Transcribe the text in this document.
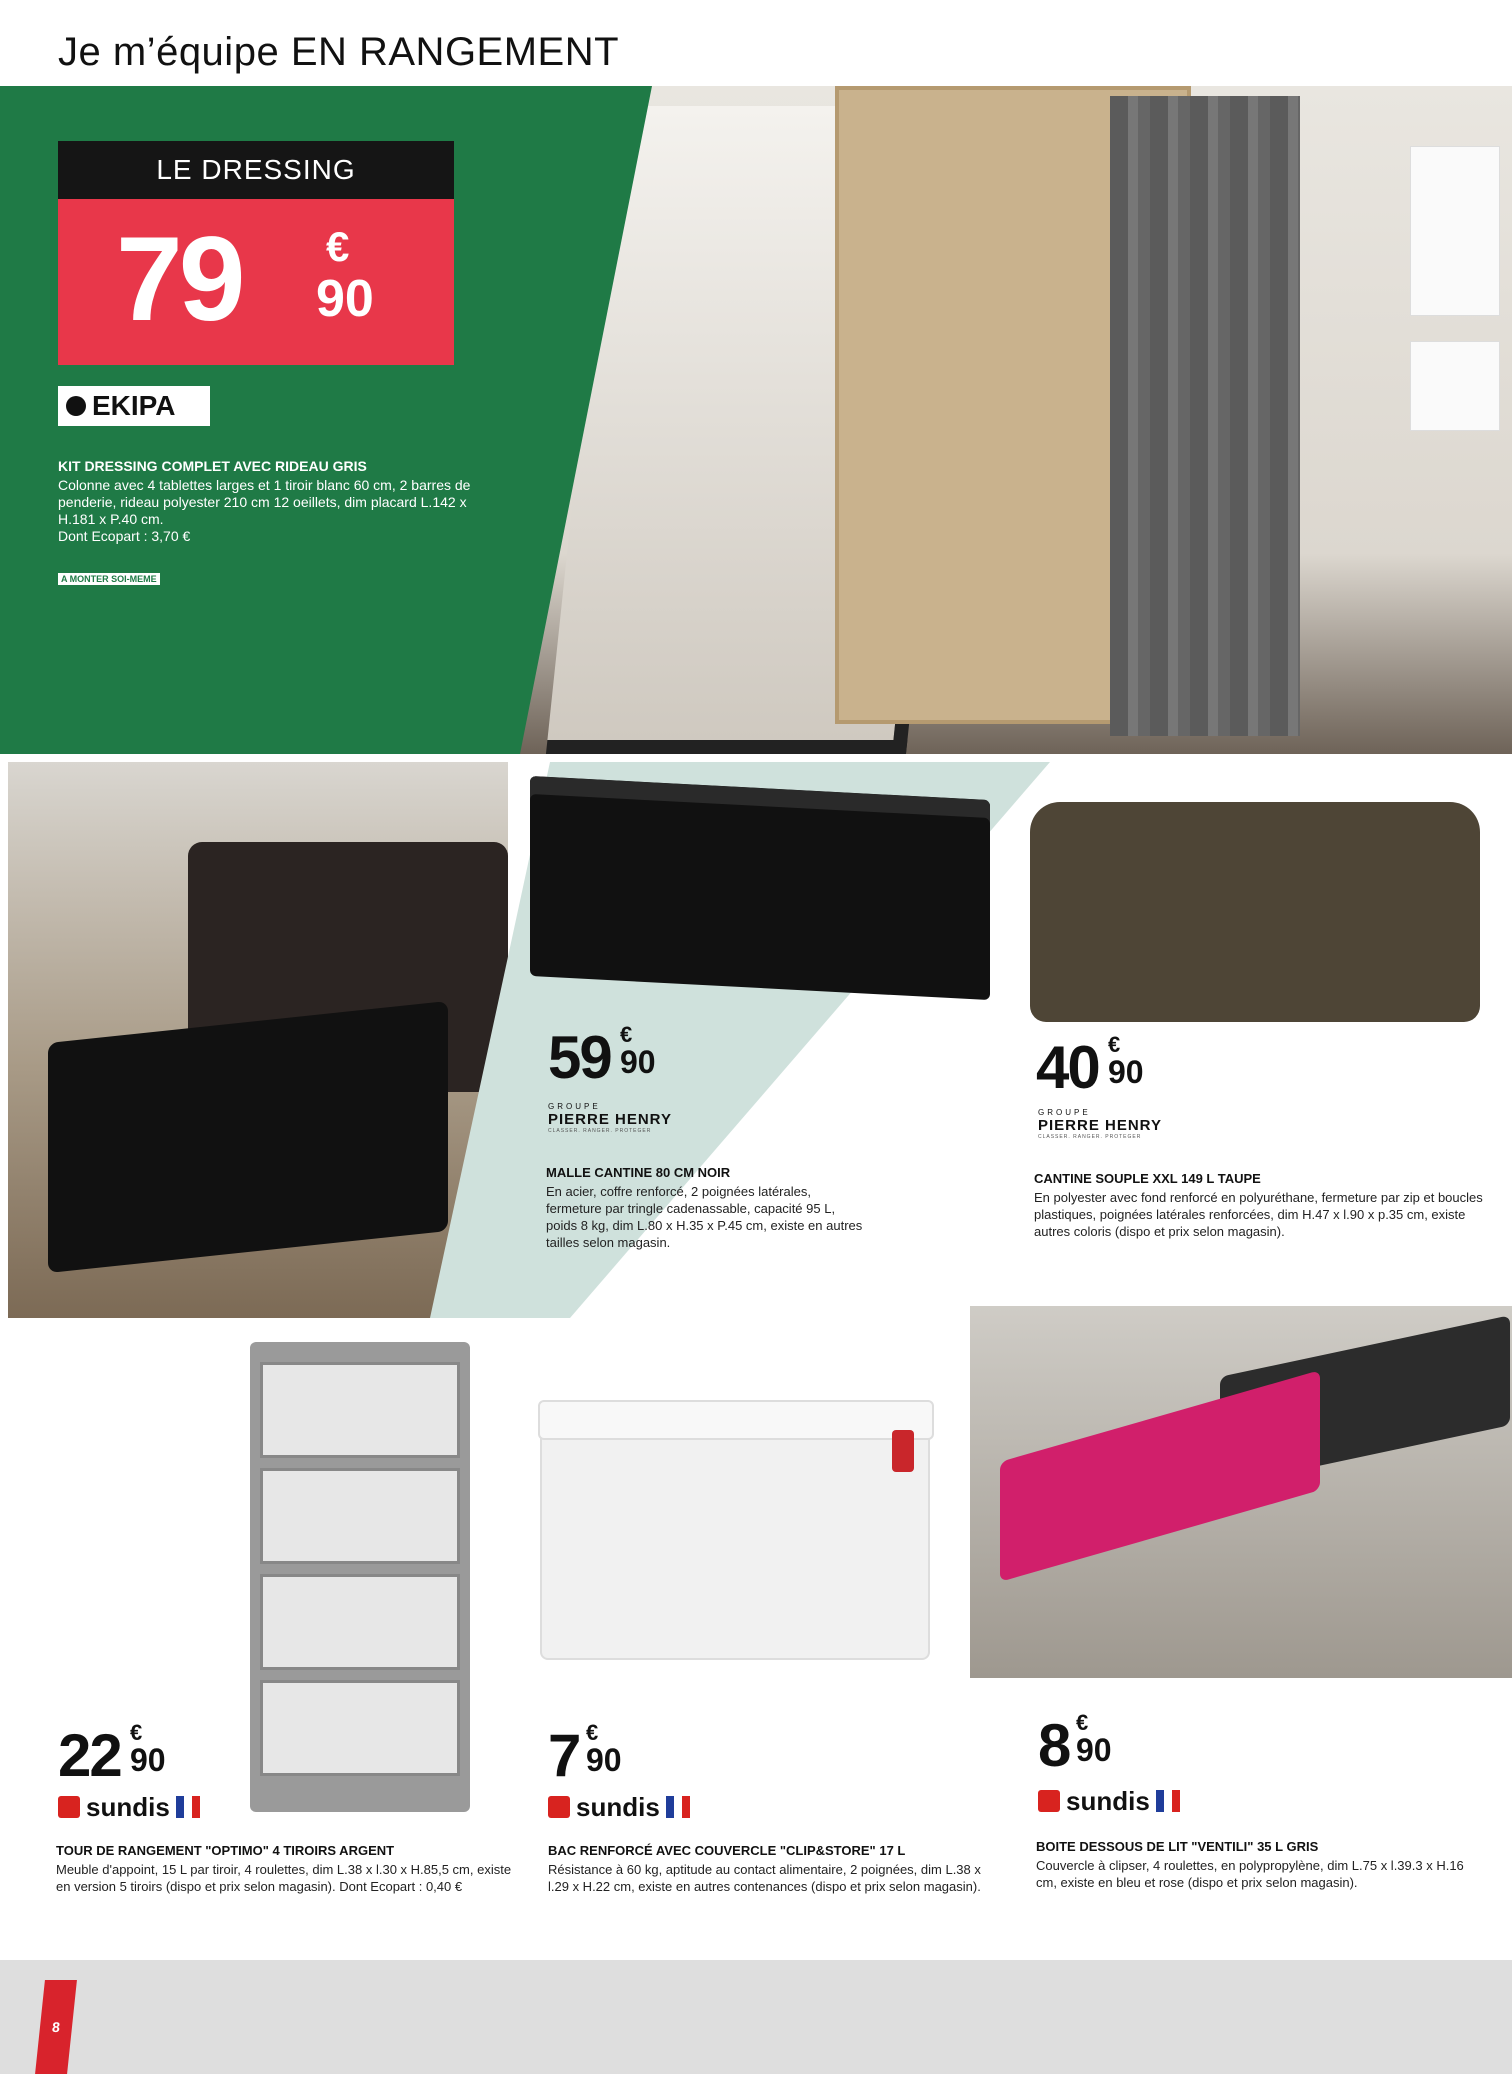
Je m’équipe EN RANGEMENT
LE DRESSING
79 €
90
EKIPA
KIT DRESSING COMPLET AVEC RIDEAU GRIS
Colonne avec 4 tablettes larges et 1 tiroir blanc 60 cm, 2 barres de penderie, rideau polyester 210 cm 12 oeillets, dim placard L.142 x H.181 x P.40 cm.
Dont Ecopart : 3,70 €
A MONTER SOI-MEME
59 €
90
GROUPE
PIERRE HENRY
CLASSER. RANGER. PROTEGER
MALLE CANTINE 80 CM NOIR
En acier, coffre renforcé, 2 poignées latérales, fermeture par tringle cadenassable, capacité 95 L, poids 8 kg, dim L.80 x H.35 x P.45 cm, existe en autres tailles selon magasin.
40 €
90
GROUPE
PIERRE HENRY
CLASSER. RANGER. PROTEGER
CANTINE SOUPLE XXL 149 L TAUPE
En polyester avec fond renforcé en polyuréthane, fermeture par zip et boucles plastiques, poignées latérales renforcées, dim H.47 x l.90 x p.35 cm, existe autres coloris (dispo et prix selon magasin).
22 €
90
sundis
TOUR DE RANGEMENT "OPTIMO" 4 TIROIRS ARGENT
Meuble d'appoint, 15 L par tiroir, 4 roulettes, dim L.38 x l.30 x H.85,5 cm, existe en version 5 tiroirs (dispo et prix selon magasin). Dont Ecopart : 0,40 €
7 €
90
sundis
BAC RENFORCÉ AVEC COUVERCLE "CLIP&STORE" 17 L
Résistance à 60 kg, aptitude au contact alimentaire, 2 poignées, dim L.38 x l.29 x H.22 cm, existe en autres contenances (dispo et prix selon magasin).
8 €
90
sundis
BOITE DESSOUS DE LIT "VENTILI" 35 L GRIS
Couvercle à clipser, 4 roulettes, en polypropylène, dim L.75 x l.39.3 x H.16 cm, existe en bleu et rose (dispo et prix selon magasin).
8
